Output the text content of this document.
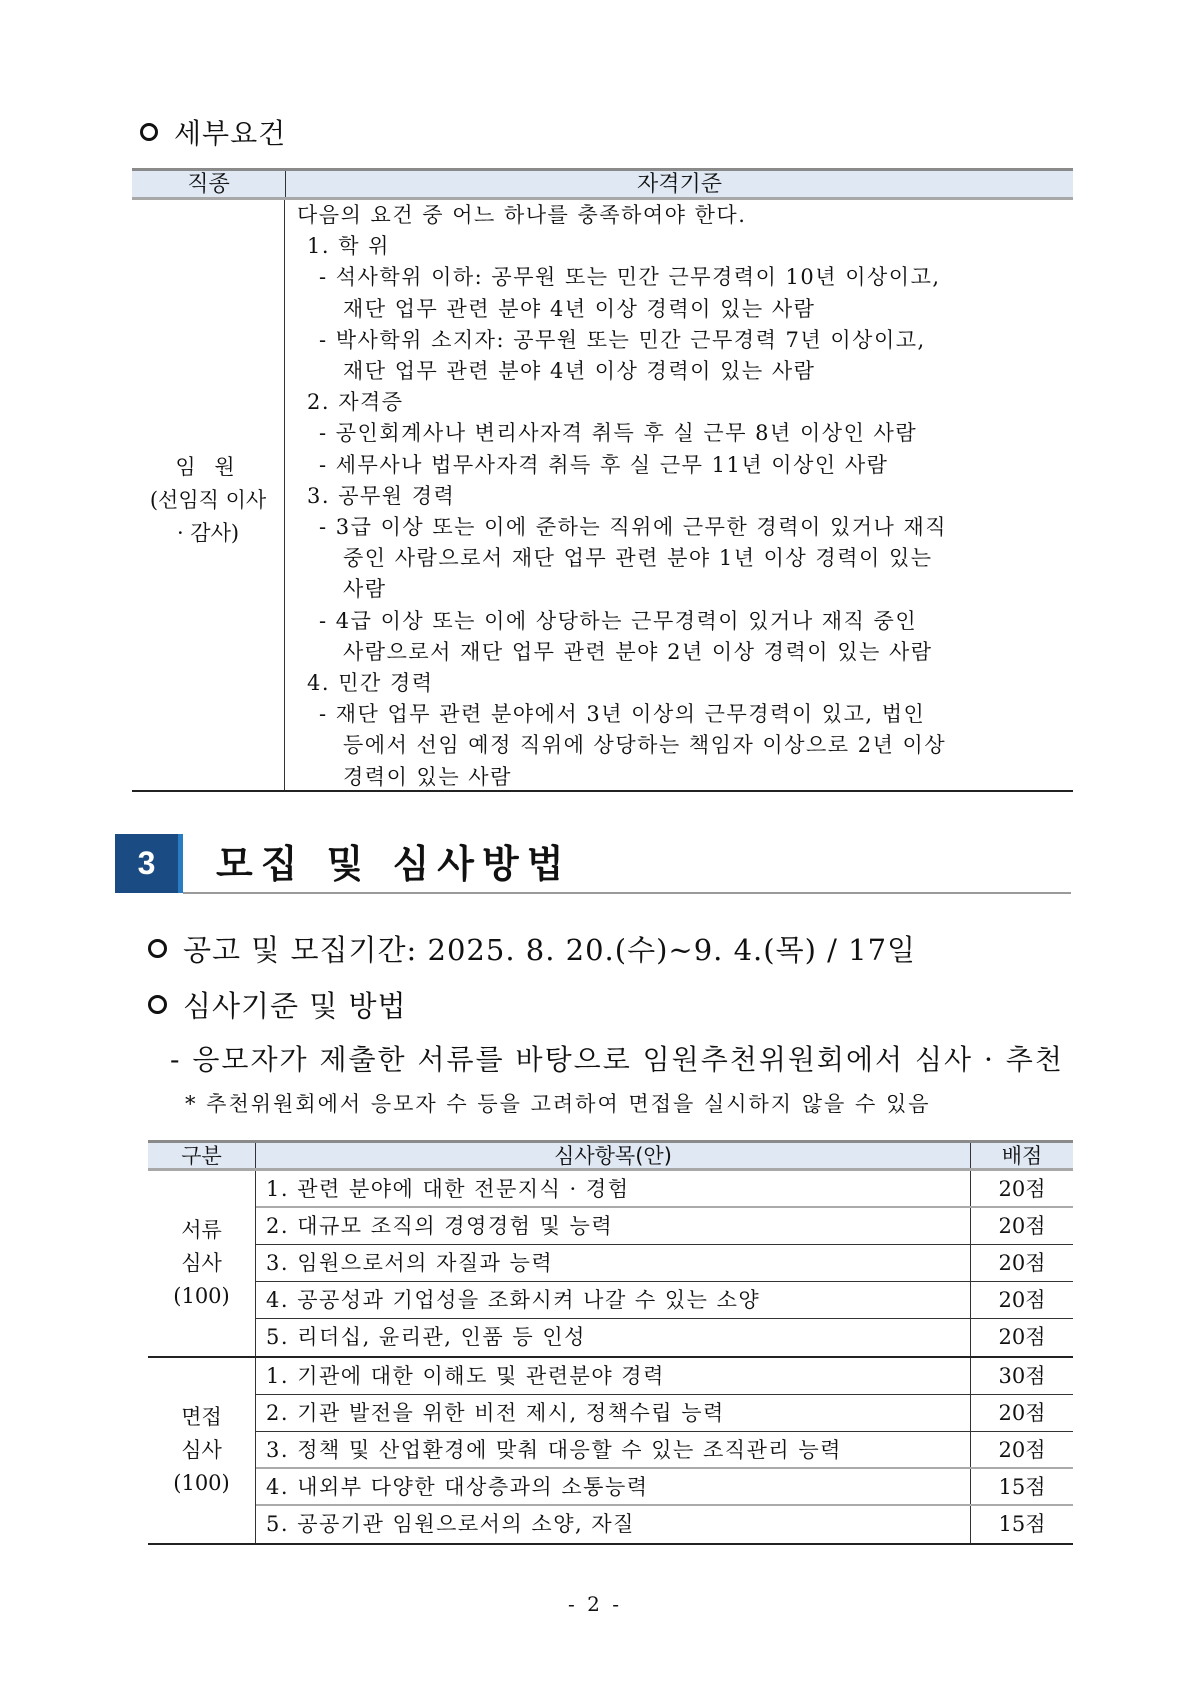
세부요건
직종	자격기준
임 원
(선임직 이사
· 감사)
다음의 요건 중 어느 하나를 충족하여야 한다.
1. 학 위
- 석사학위 이하: 공무원 또는 민간 근무경력이 10년 이상이고,
재단 업무 관련 분야 4년 이상 경력이 있는 사람
- 박사학위 소지자: 공무원 또는 민간 근무경력 7년 이상이고,
재단 업무 관련 분야 4년 이상 경력이 있는 사람
2. 자격증
- 공인회계사나 변리사자격 취득 후 실 근무 8년 이상인 사람
- 세무사나 법무사자격 취득 후 실 근무 11년 이상인 사람
3. 공무원 경력
- 3급 이상 또는 이에 준하는 직위에 근무한 경력이 있거나 재직
중인 사람으로서 재단 업무 관련 분야 1년 이상 경력이 있는
사람
- 4급 이상 또는 이에 상당하는 근무경력이 있거나 재직 중인
사람으로서 재단 업무 관련 분야 2년 이상 경력이 있는 사람
4. 민간 경력
- 재단 업무 관련 분야에서 3년 이상의 근무경력이 있고, 법인
등에서 선임 예정 직위에 상당하는 책임자 이상으로 2년 이상
경력이 있는 사람
3	모집 및 심사방법
공고 및 모집기간: 2025. 8. 20.(수)~9. 4.(목) / 17일
심사기준 및 방법
- 응모자가 제출한 서류를 바탕으로 임원추천위원회에서 심사 · 추천
* 추천위원회에서 응모자 수 등을 고려하여 면접을 실시하지 않을 수 있음
구분	심사항목(안)	배점
서류
심사
(100)
1. 관련 분야에 대한 전문지식 · 경험	20점
2. 대규모 조직의 경영경험 및 능력	20점
3. 임원으로서의 자질과 능력	20점
4. 공공성과 기업성을 조화시켜 나갈 수 있는 소양	20점
5. 리더십, 윤리관, 인품 등 인성	20점
면접
심사
(100)
1. 기관에 대한 이해도 및 관련분야 경력	30점
2. 기관 발전을 위한 비전 제시, 정책수립 능력	20점
3. 정책 및 산업환경에 맞춰 대응할 수 있는 조직관리 능력	20점
4. 내외부 다양한 대상층과의 소통능력	15점
5. 공공기관 임원으로서의 소양, 자질	15점
- 2 -
